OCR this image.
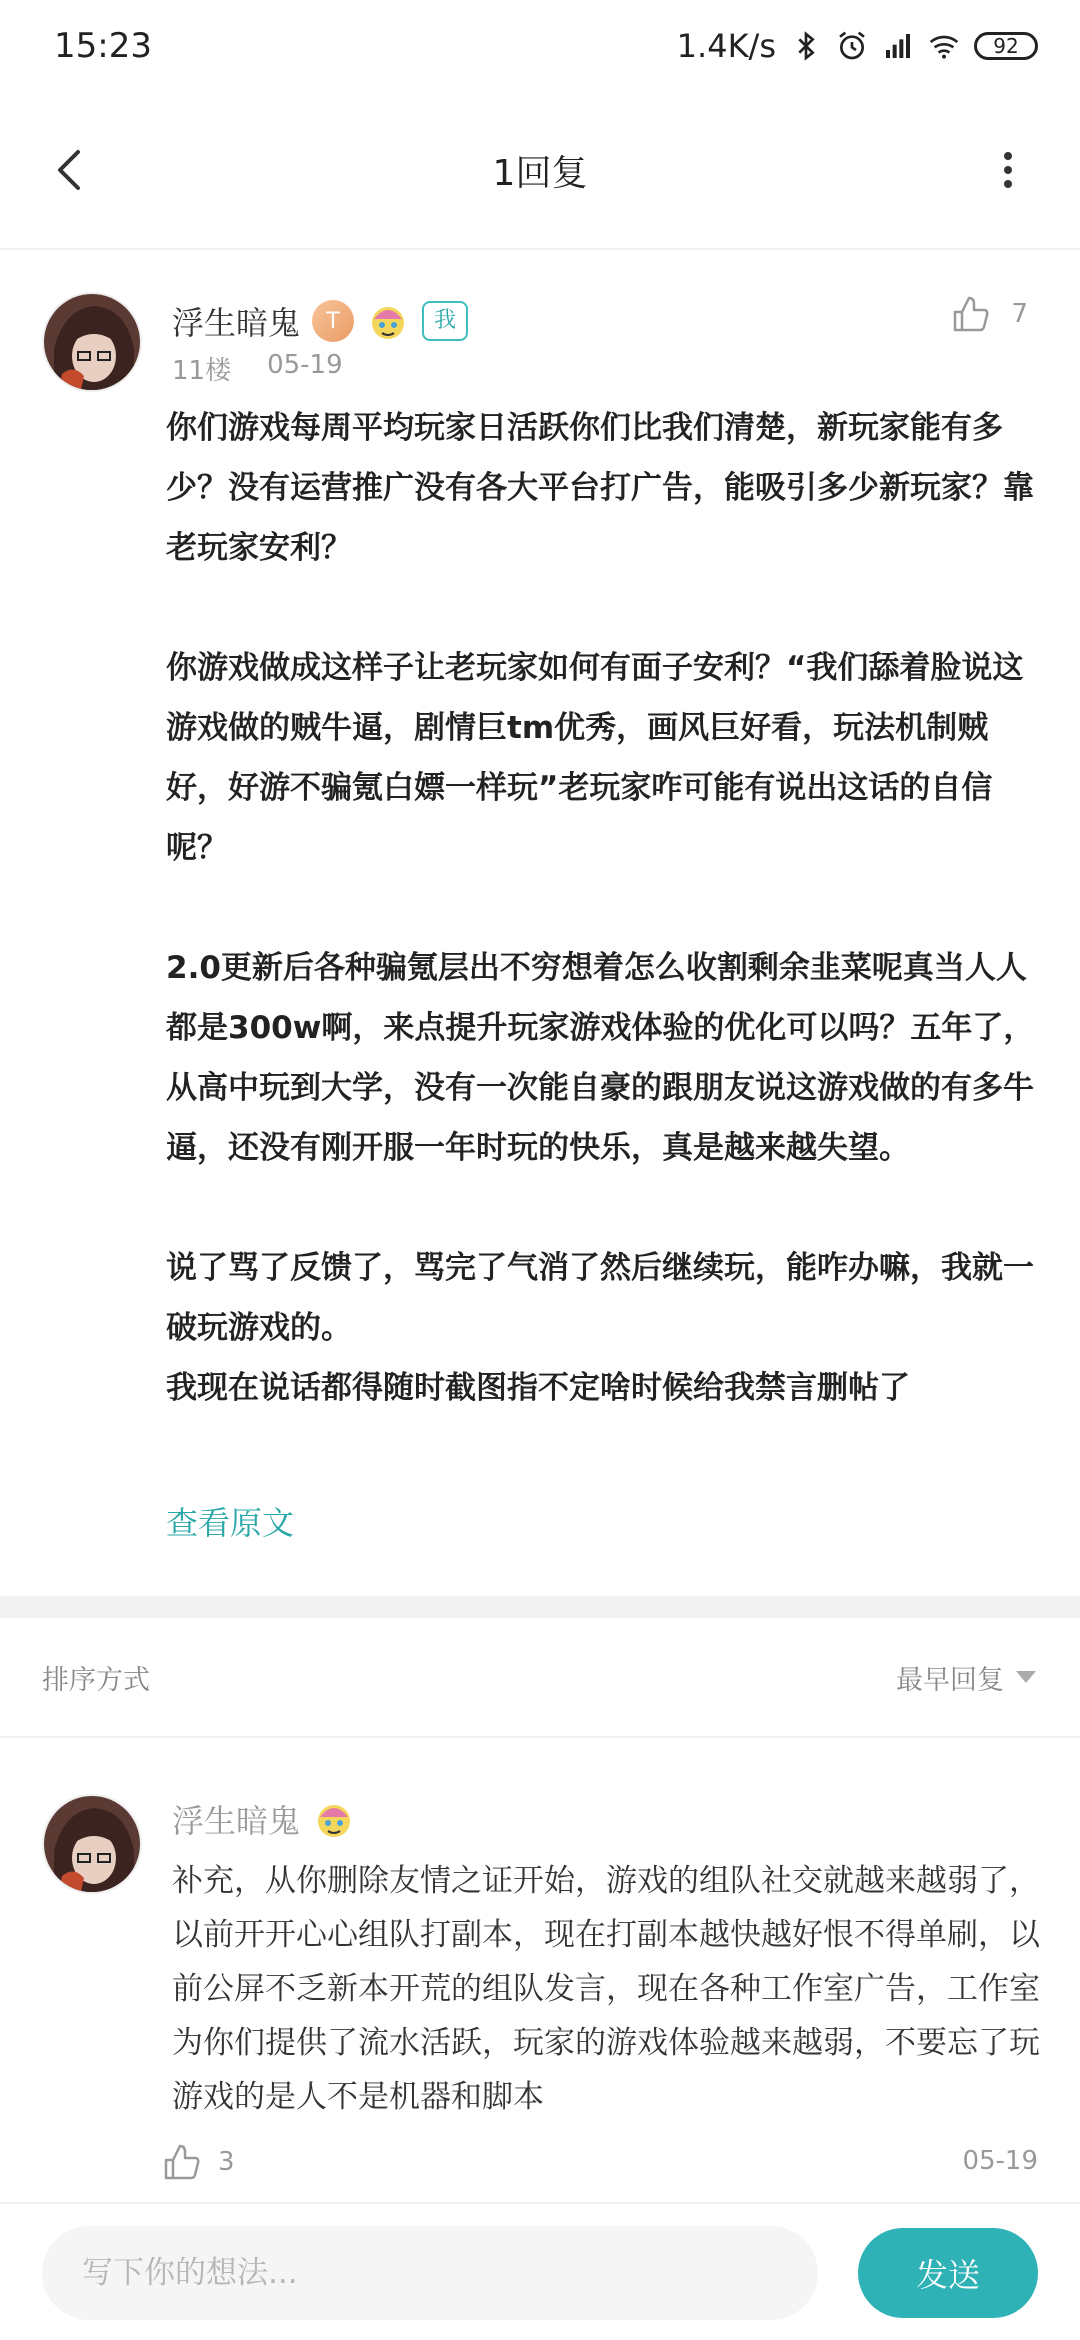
15:23	1.4K/s	92
1回复
浮生暗鬼	T	我
11楼 05-19
7

你们游戏每周平均玩家日活跃你们比我们清楚，新玩家能有多少？没有运营推广没有各大平台打广告，能吸引多少新玩家？靠老玩家安利？

你游戏做成这样子让老玩家如何有面子安利？“我们舔着脸说这游戏做的贼牛逼，剧情巨tm优秀，画风巨好看，玩法机制贼好，好游不骗氪白嫖一样玩”老玩家咋可能有说出这话的自信呢？

2.0更新后各种骗氪层出不穷想着怎么收割剩余韭菜呢真当人人都是300w啊，来点提升玩家游戏体验的优化可以吗？五年了，从高中玩到大学，没有一次能自豪的跟朋友说这游戏做的有多牛逼，还没有刚开服一年时玩的快乐，真是越来越失望。

说了骂了反馈了，骂完了气消了然后继续玩，能咋办嘛，我就一破玩游戏的。

我现在说话都得随时截图指不定啥时候给我禁言删帖了

查看原文
排序方式	最早回复
浮生暗鬼
补充，从你删除友情之证开始，游戏的组队社交就越来越弱了，以前开开心心组队打副本，现在打副本越快越好恨不得单刷，以前公屏不乏新本开荒的组队发言，现在各种工作室广告，工作室为你们提供了流水活跃，玩家的游戏体验越来越弱，不要忘了玩游戏的是人不是机器和脚本
3	05-19
写下你的想法...
发送
